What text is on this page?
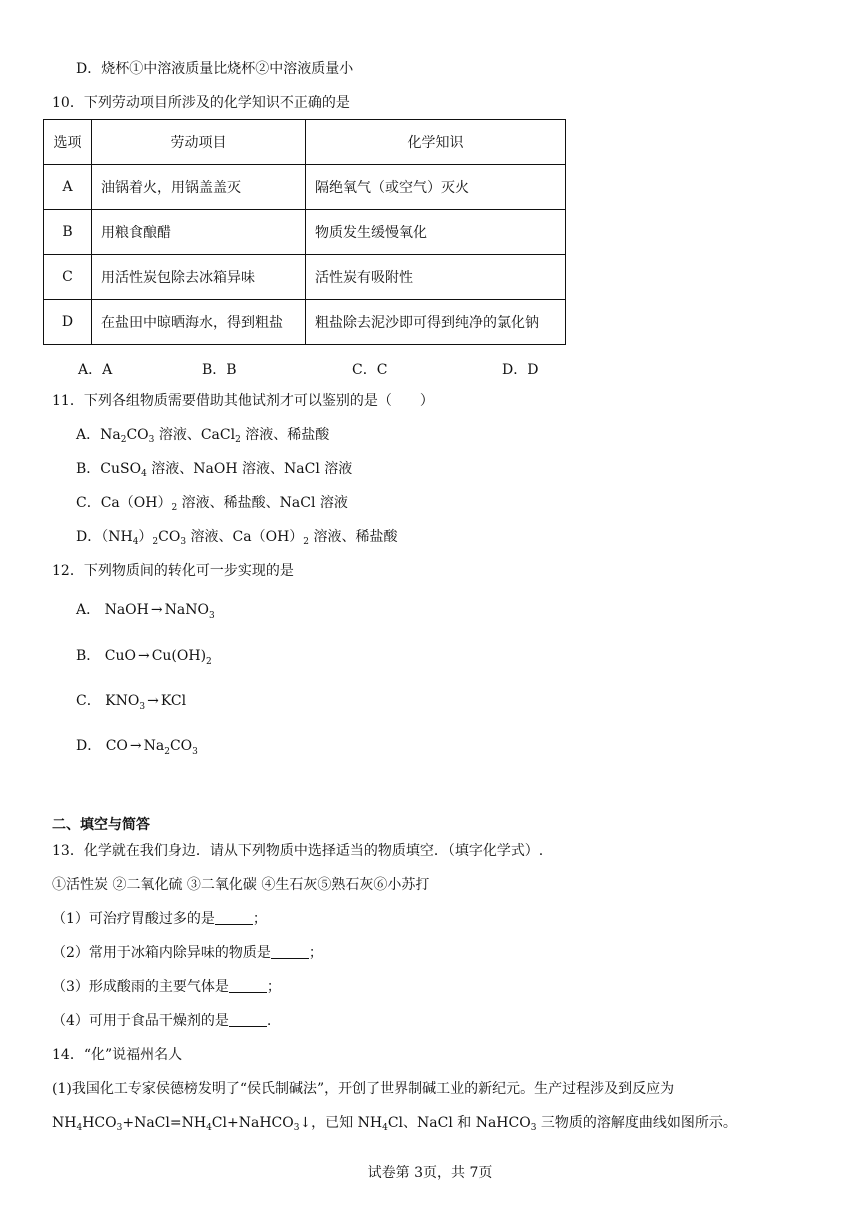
D．烧杯①中溶液质量比烧杯②中溶液质量小
10．下列劳动项目所涉及的化学知识不正确的是
选项	劳动项目	化学知识
A	油锅着火，用锅盖盖灭	隔绝氧气（或空气）灭火
B	用粮食酿醋	物质发生缓慢氧化
C	用活性炭包除去冰箱异味	活性炭有吸附性
D	在盐田中晾晒海水，得到粗盐	粗盐除去泥沙即可得到纯净的氯化钠
A．A	B．B	C．C	D．D
11．下列各组物质需要借助其他试剂才可以鉴别的是（　　）
A．$Na_2CO_3$ 溶液、CaCl$_2$ 溶液、稀盐酸
B．CuSO$_4$ 溶液、NaOH 溶液、NaCl 溶液
C．$Ca(OH)_2$ 溶液、稀盐酸、NaCl 溶液
D．$(NH_4)_2CO_3$ 溶液、$Ca(OH)_2$ 溶液、稀盐酸
12．下列物质间的转化可一步实现的是
A． NaOH → NaNO$_3$
B． CuO → $Cu(OH)_2$
C． $KNO_3$ → KCl
D． CO → $Na_2CO_3$
二、填空与简答
13．化学就在我们身边．请从下列物质中选择适当的物质填空．（填字化学式）.
①活性炭 ②二氧化硫 ③二氧化碳 ④生石灰⑤熟石灰⑥小苏打
（1）可治疗胃酸过多的是	；
（2）常用于冰箱内除异味的物质是	；
（3）形成酸雨的主要气体是	；
（4）可用于食品干燥剂的是	.
14．“化”说福州名人
(1)我国化工专家侯德榜发明了“侯氏制碱法”，开创了世界制碱工业的新纪元。生产过程涉及到反应为
$NH_4HCO_3+NaCl=NH_4Cl+NaHCO_3↓$，已知 $NH_4Cl$、NaCl 和 NaHCO$_3$ 三物质的溶解度曲线如图所示。
试卷第 3页，共 7页
